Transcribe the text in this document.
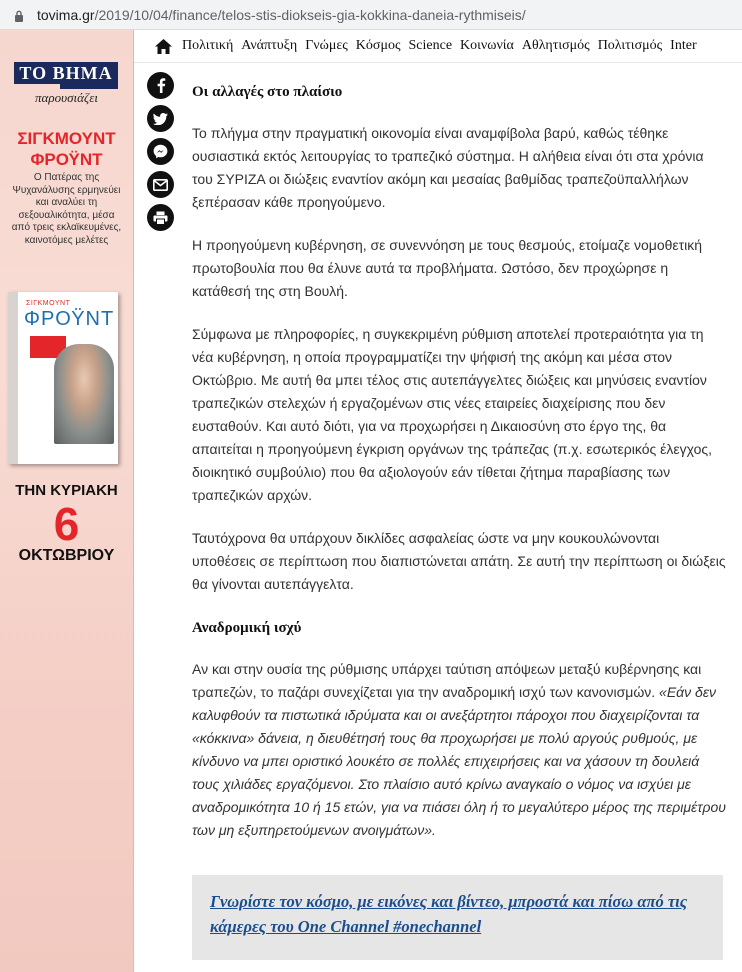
tovima.gr/2019/10/04/finance/telos-stis-diokseis-gia-kokkina-daneia-rythmiseis/
ΤΟ ΒΗΜΑ
παρουσιάζει
ΣΙΓΚΜΟΥΝΤ ΦΡΟΫΝΤ
Ο Πατέρας της Ψυχανάλυσης ερμηνεύει και αναλύει τη σεξουαλικότητα, μέσα από τρεις εκλαϊκευμένες, καινοτόμες μελέτες
ΣΙΓΚΜΟΥΝΤ
ΦΡΟΫΝΤ
ΤΗΝ ΚΥΡΙΑΚΗ
6
ΟΚΤΩΒΡΙΟΥ
Πολιτική Ανάπτυξη Γνώμες Κόσμος Science Κοινωνία Αθλητισμός Πολιτισμός Inter
Οι αλλαγές στο πλαίσιο

Το πλήγμα στην πραγματική οικονομία είναι αναμφίβολα βαρύ, καθώς τέθηκε ουσιαστικά εκτός λειτουργίας το τραπεζικό σύστημα. Η αλήθεια είναι ότι στα χρόνια του ΣΥΡΙΖΑ οι διώξεις εναντίον ακόμη και μεσαίας βαθμίδας τραπεζοϋπαλλήλων ξεπέρασαν κάθε προηγούμενο.

Η προηγούμενη κυβέρνηση, σε συνεννόηση με τους θεσμούς, ετοίμαζε νομοθετική πρωτοβουλία που θα έλυνε αυτά τα προβλήματα. Ωστόσο, δεν προχώρησε η κατάθεσή της στη Βουλή.

Σύμφωνα με πληροφορίες, η συγκεκριμένη ρύθμιση αποτελεί προτεραιότητα για τη νέα κυβέρνηση, η οποία προγραμματίζει την ψήφισή της ακόμη και μέσα στον Οκτώβριο. Με αυτή θα μπει τέλος στις αυτεπάγγελτες διώξεις και μηνύσεις εναντίον τραπεζικών στελεχών ή εργαζομένων στις νέες εταιρείες διαχείρισης που δεν ευσταθούν. Και αυτό διότι, για να προχωρήσει η Δικαιοσύνη στο έργο της, θα απαιτείται η προηγούμενη έγκριση οργάνων της τράπεζας (π.χ. εσωτερικός έλεγχος, διοικητικό συμβούλιο) που θα αξιολογούν εάν τίθεται ζήτημα παραβίασης των τραπεζικών αρχών.

Ταυτόχρονα θα υπάρχουν δικλίδες ασφαλείας ώστε να μην κουκουλώνονται υποθέσεις σε περίπτωση που διαπιστώνεται απάτη. Σε αυτή την περίπτωση οι διώξεις θα γίνονται αυτεπάγγελτα.

Αναδρομική ισχύ

Αν και στην ουσία της ρύθμισης υπάρχει ταύτιση απόψεων μεταξύ κυβέρνησης και τραπεζών, το παζάρι συνεχίζεται για την αναδρομική ισχύ των κανονισμών. «Εάν δεν καλυφθούν τα πιστωτικά ιδρύματα και οι ανεξάρτητοι πάροχοι που διαχειρίζονται τα «κόκκινα» δάνεια, η διευθέτησή τους θα προχωρήσει με πολύ αργούς ρυθμούς, με κίνδυνο να μπει οριστικό λουκέτο σε πολλές επιχειρήσεις και να χάσουν τη δουλειά τους χιλιάδες εργαζόμενοι. Στο πλαίσιο αυτό κρίνω αναγκαίο ο νόμος να ισχύει με αναδρομικότητα 10 ή 15 ετών, για να πιάσει όλη ή το μεγαλύτερο μέρος της περιμέτρου των μη εξυπηρετούμενων ανοιγμάτων».

Γνωρίστε τον κόσμο, με εικόνες και βίντεο, μπροστά και πίσω από τις κάμερες του One Channel #onechannel
